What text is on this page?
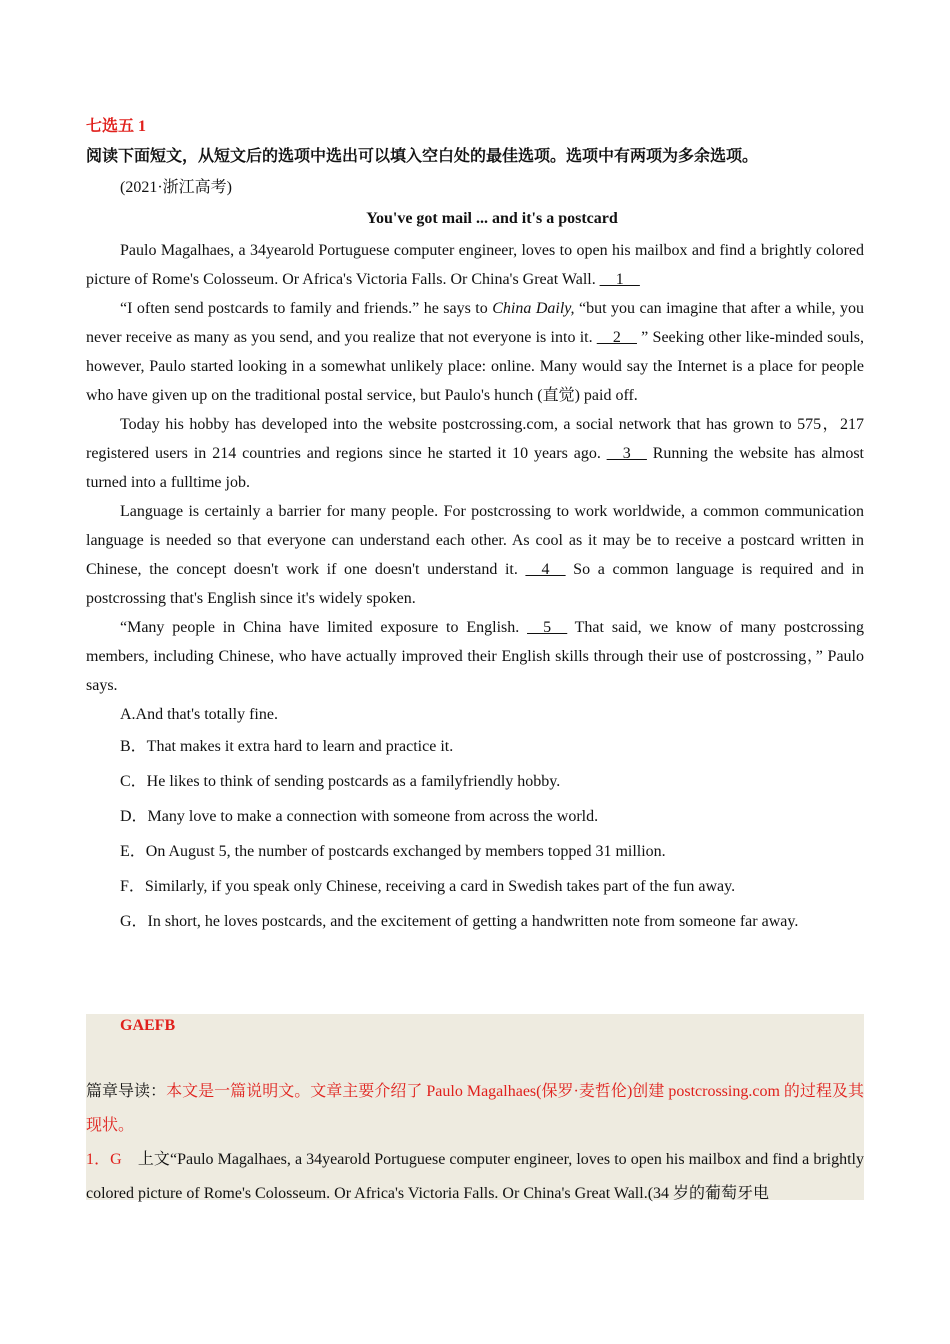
七选五 1
阅读下面短文，从短文后的选项中选出可以填入空白处的最佳选项。选项中有两项为多余选项。
(2021·浙江高考)
You've got mail ... and it's a postcard

Paulo Magalhaes, a 34yearold Portuguese computer engineer, loves to open his mailbox and find a brightly colored picture of Rome's Colosseum. Or Africa's Victoria Falls. Or China's Great Wall. __1__

“I often send postcards to family and friends.” he says to China Daily, “but you can imagine that after a while, you never receive as many as you send, and you realize that not everyone is into it. __2__ ” Seeking other like-minded souls, however, Paulo started looking in a somewhat unlikely place: online. Many would say the Internet is a place for people who have given up on the traditional postal service, but Paulo's hunch (直觉) paid off.

Today his hobby has developed into the website postcrossing.com, a social network that has grown to 575，217 registered users in 214 countries and regions since he started it 10 years ago. __3__ Running the website has almost turned into a fulltime job.

Language is certainly a barrier for many people. For postcrossing to work worldwide, a common communication language is needed so that everyone can understand each other. As cool as it may be to receive a postcard written in Chinese, the concept doesn't work if one doesn't understand it. __4__ So a common language is required and in postcrossing that's English since it's widely spoken.

“Many people in China have limited exposure to English. __5__ That said, we know of many postcrossing members, including Chinese, who have actually improved their English skills through their use of postcrossing，” Paulo says.

A.And that's totally fine.
B．That makes it extra hard to learn and practice it.
C．He likes to think of sending postcards as a familyfriendly hobby.
D．Many love to make a connection with someone from across the world.
E．On August 5, the number of postcards exchanged by members topped 31 million.
F．Similarly, if you speak only Chinese, receiving a card in Swedish takes part of the fun away.
G．In short, he loves postcards, and the excitement of getting a handwritten note from someone far away.
GAEFB
篇章导读：本文是一篇说明文。文章主要介绍了 Paulo Magalhaes(保罗·麦哲伦)创建 postcrossing.com 的过程及其现状。
1．G　上文“Paulo Magalhaes, a 34yearold Portuguese computer engineer, loves to open his mailbox and find a brightly colored picture of Rome's Colosseum. Or Africa's Victoria Falls. Or China's Great Wall.(34 岁的葡萄牙电
